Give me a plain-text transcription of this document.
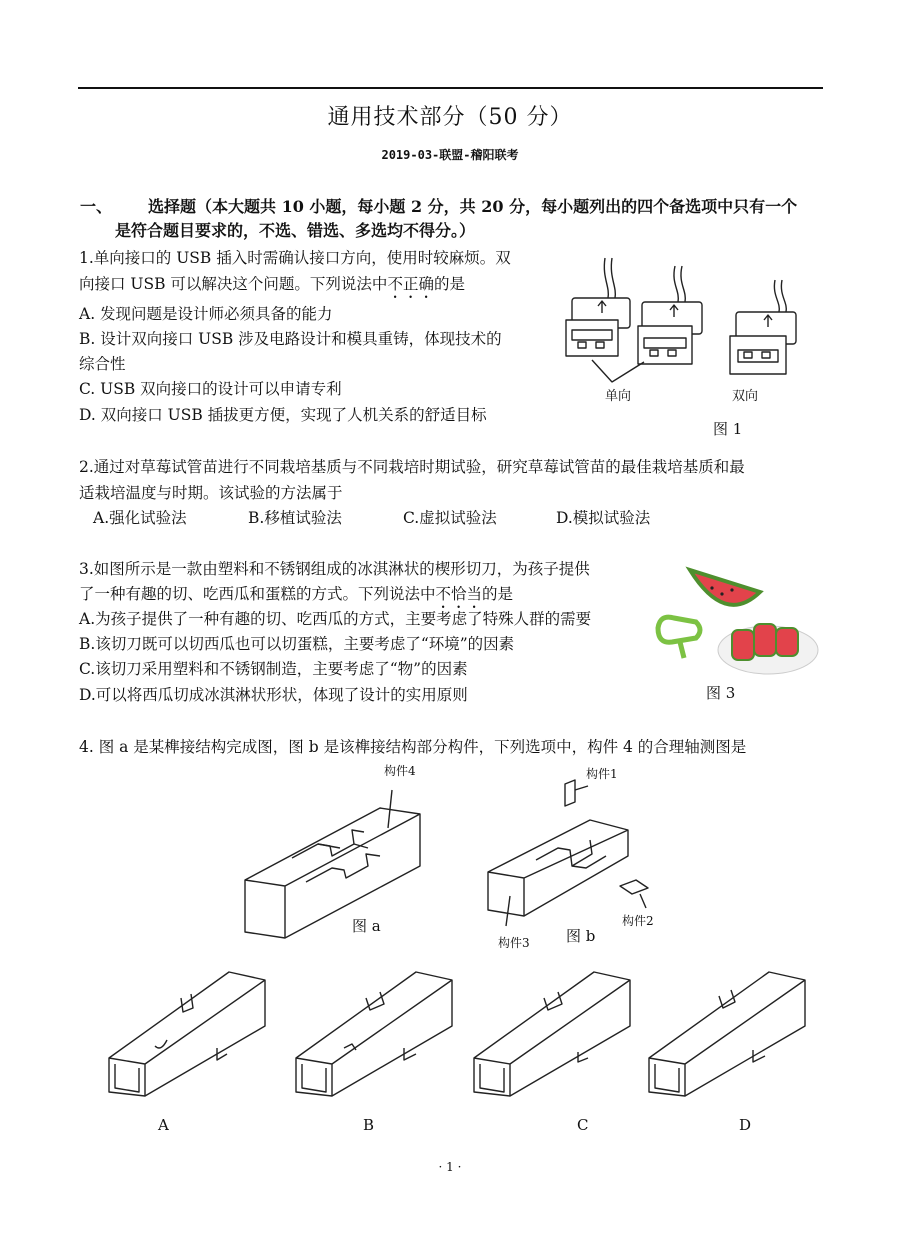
通用技术部分（50 分）
2019-03-联盟-稽阳联考
一、 选择题（本大题共 10 小题，每小题 2 分，共 20 分，每小题列出的四个备选项中只有一个
是符合题目要求的，不选、错选、多选均不得分。）
1.单向接口的 USB 插入时需确认接口方向，使用时较麻烦。双
向接口 USB 可以解决这个问题。下列说法中不正确的是
A. 发现问题是设计师必须具备的能力
B. 设计双向接口 USB 涉及电路设计和模具重铸，体现技术的
综合性
C. USB 双向接口的设计可以申请专利
D. 双向接口 USB 插拔更方便，实现了人机关系的舒适目标
单向	双向
图 1
2.通过对草莓试管苗进行不同栽培基质与不同栽培时期试验，研究草莓试管苗的最佳栽培基质和最
适栽培温度与时期。该试验的方法属于
A.强化试验法	B.移植试验法	C.虚拟试验法	D.模拟试验法
3.如图所示是一款由塑料和不锈钢组成的冰淇淋状的楔形切刀，为孩子提供
了一种有趣的切、吃西瓜和蛋糕的方式。下列说法中不恰当的是
A.为孩子提供了一种有趣的切、吃西瓜的方式，主要考虑了特殊人群的需要
B.该切刀既可以切西瓜也可以切蛋糕，主要考虑了“环境”的因素
C.该切刀采用塑料和不锈钢制造，主要考虑了“物”的因素
D.可以将西瓜切成冰淇淋状形状，体现了设计的实用原则	图 3
4. 图 a 是某榫接结构完成图，图 b 是该榫接结构部分构件，下列选项中，构件 4 的合理轴测图是
构件4
图 a
构件1
构件2
构件3 图 b
A	B	C	D
· 1 ·
